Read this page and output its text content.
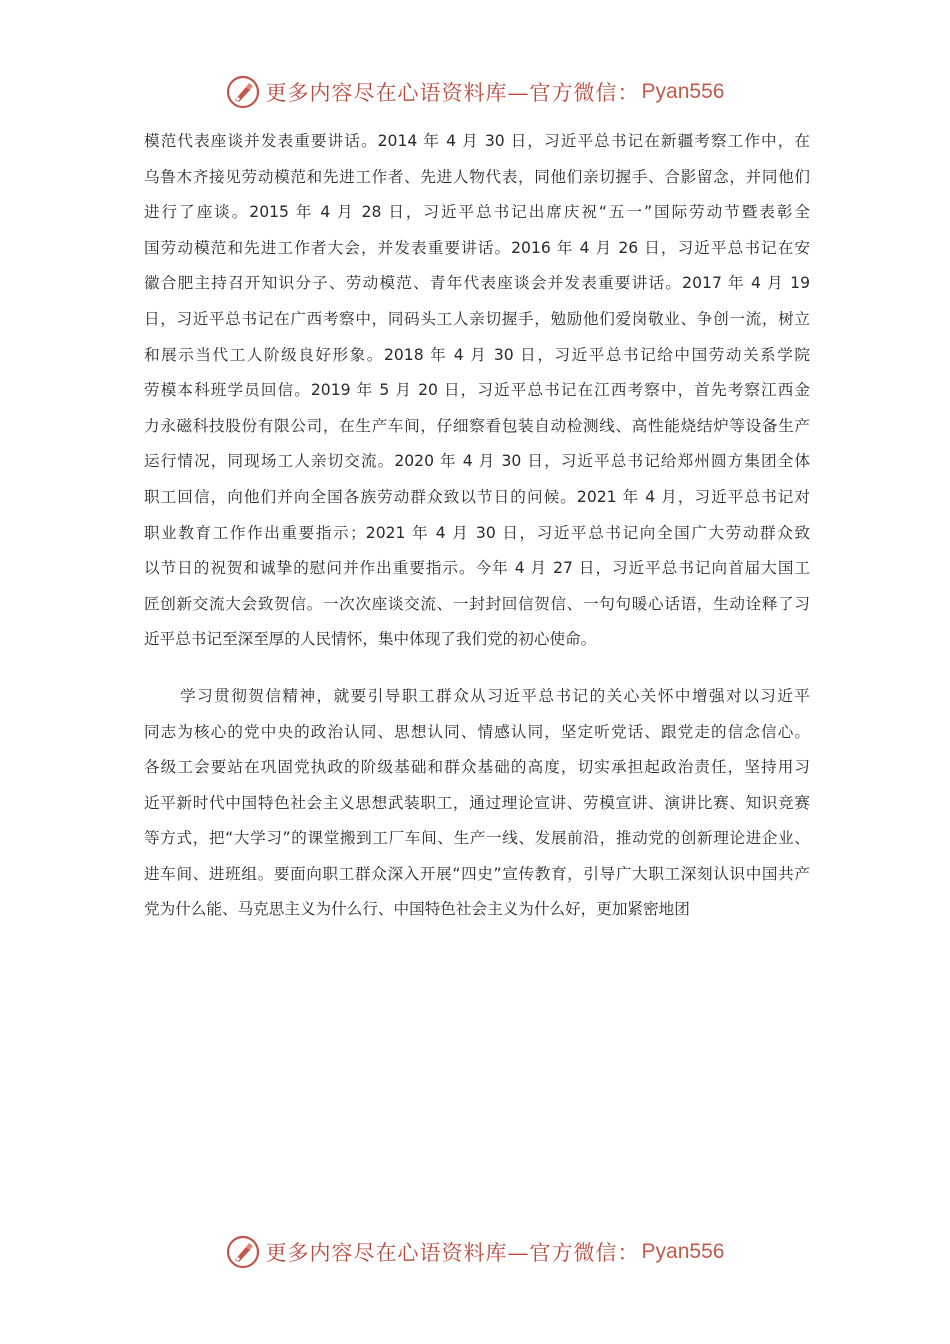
更多内容尽在心语资料库—官方微信： Pyan556
模范代表座谈并发表重要讲话。2014 年 4 月 30 日，习近平总书记在新疆考察工作中，在
乌鲁木齐接见劳动模范和先进工作者、先进人物代表，同他们亲切握手、合影留念，并同他们
进行了座谈。2015 年 4 月 28 日，习近平总书记出席庆祝“五一”国际劳动节暨表彰全
国劳动模范和先进工作者大会，并发表重要讲话。2016 年 4 月 26 日，习近平总书记在安
徽合肥主持召开知识分子、劳动模范、青年代表座谈会并发表重要讲话。2017 年 4 月 19
日，习近平总书记在广西考察中，同码头工人亲切握手，勉励他们爱岗敬业、争创一流，树立
和展示当代工人阶级良好形象。2018 年 4 月 30 日，习近平总书记给中国劳动关系学院
劳模本科班学员回信。2019 年 5 月 20 日，习近平总书记在江西考察中，首先考察江西金
力永磁科技股份有限公司，在生产车间，仔细察看包装自动检测线、高性能烧结炉等设备生产
运行情况，同现场工人亲切交流。2020 年 4 月 30 日，习近平总书记给郑州圆方集团全体
职工回信，向他们并向全国各族劳动群众致以节日的问候。2021 年 4 月，习近平总书记对
职业教育工作作出重要指示；2021 年 4 月 30 日，习近平总书记向全国广大劳动群众致
以节日的祝贺和诚挚的慰问并作出重要指示。今年 4 月 27 日，习近平总书记向首届大国工
匠创新交流大会致贺信。一次次座谈交流、一封封回信贺信、一句句暖心话语，生动诠释了习
近平总书记至深至厚的人民情怀，集中体现了我们党的初心使命。
学习贯彻贺信精神，就要引导职工群众从习近平总书记的关心关怀中增强对以习近平
同志为核心的党中央的政治认同、思想认同、情感认同，坚定听党话、跟党走的信念信心。
各级工会要站在巩固党执政的阶级基础和群众基础的高度，切实承担起政治责任，坚持用习
近平新时代中国特色社会主义思想武装职工，通过理论宣讲、劳模宣讲、演讲比赛、知识竞赛
等方式，把“大学习”的课堂搬到工厂车间、生产一线、发展前沿，推动党的创新理论进企业、
进车间、进班组。要面向职工群众深入开展“四史”宣传教育，引导广大职工深刻认识中国共产
党为什么能、马克思主义为什么行、中国特色社会主义为什么好，更加紧密地团
更多内容尽在心语资料库—官方微信： Pyan556
